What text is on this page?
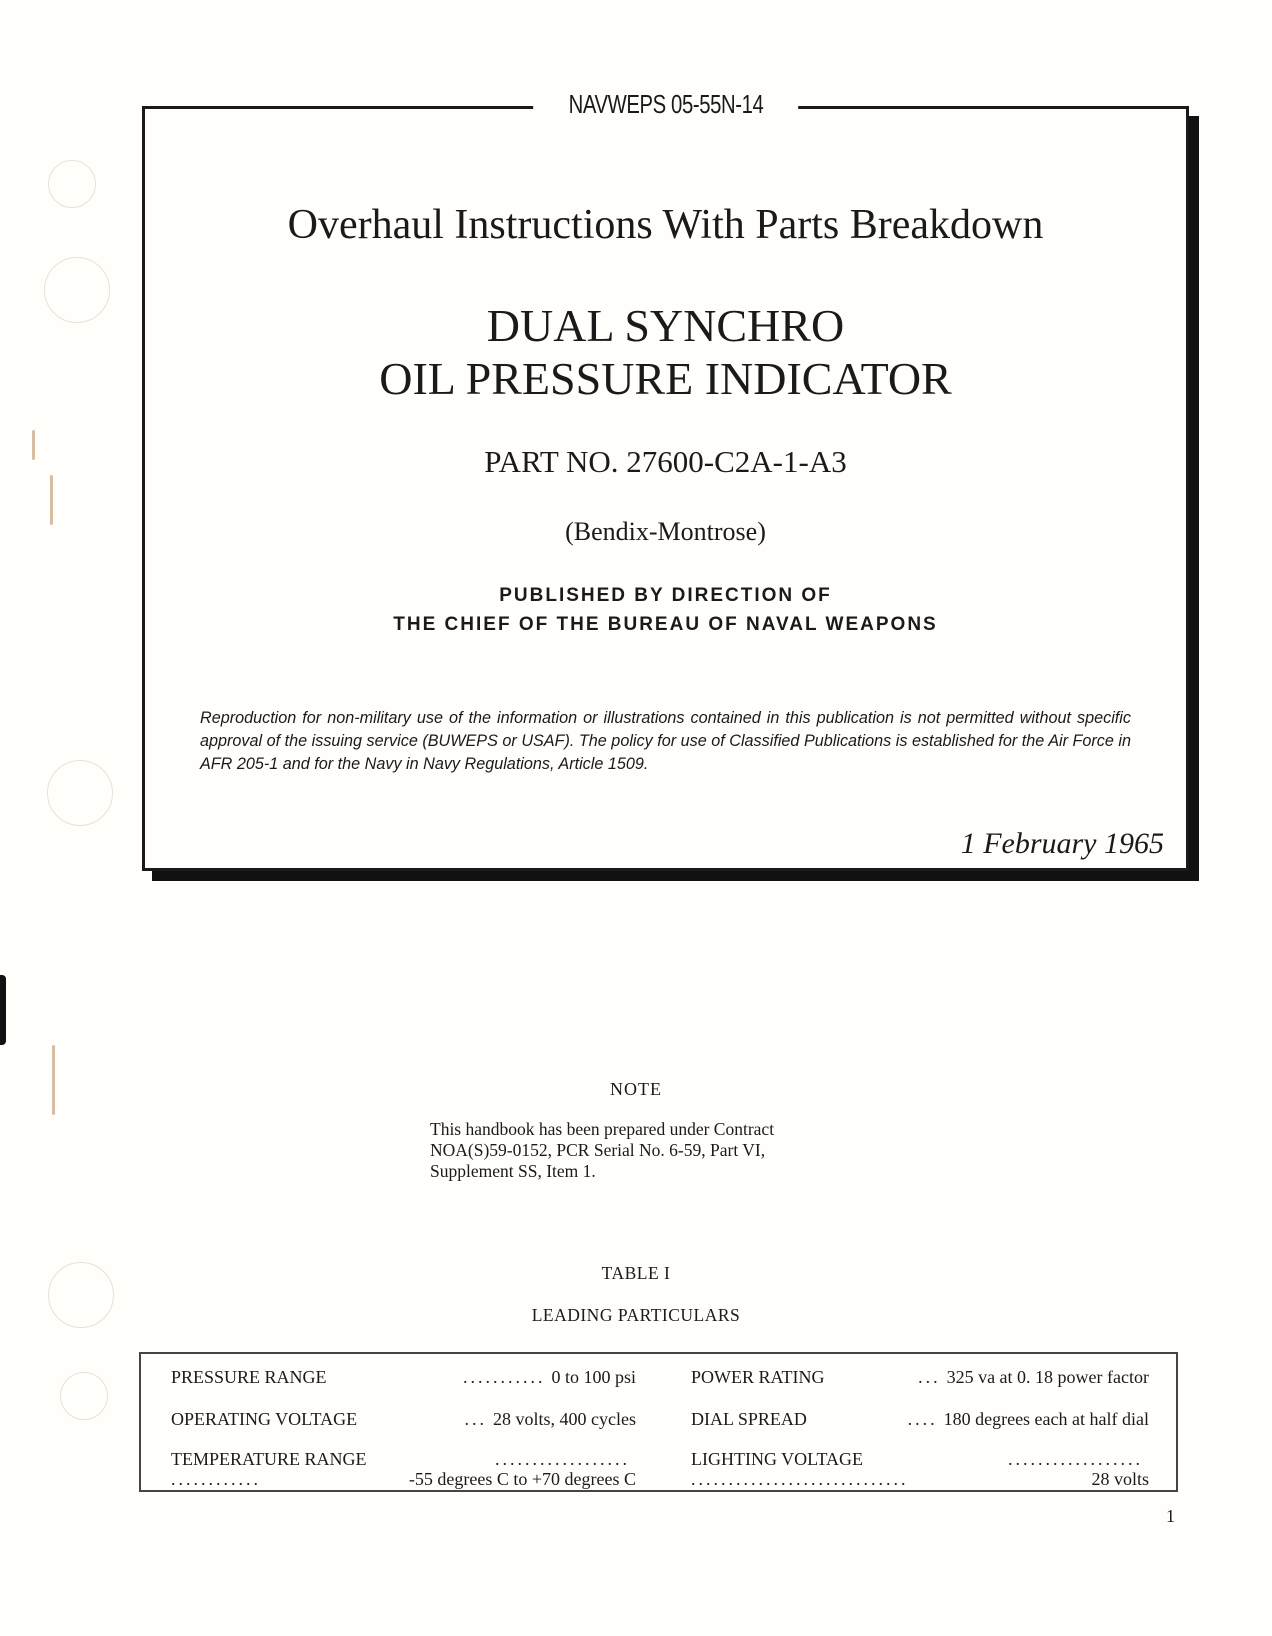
NAVWEPS 05-55N-14
Overhaul Instructions With Parts Breakdown
DUAL SYNCHRO
OIL PRESSURE INDICATOR
PART NO. 27600-C2A-1-A3
(Bendix-Montrose)
PUBLISHED BY DIRECTION OF
THE CHIEF OF THE BUREAU OF NAVAL WEAPONS
Reproduction for non-military use of the information or illustrations contained in this publication is not permitted without specific approval of the issuing service (BUWEPS or USAF). The policy for use of Classified Publications is established for the Air Force in AFR 205-1 and for the Navy in Navy Regulations, Article 1509.
1 February 1965
NOTE
This handbook has been prepared under Contract
NOA(S)59-0152, PCR Serial No. 6-59, Part VI,
Supplement SS, Item 1.
TABLE I
LEADING PARTICULARS
PRESSURE RANGE	........... 0 to 100 psi
OPERATING VOLTAGE	... 28 volts, 400 cycles
TEMPERATURE RANGE	..................
............	-55 degrees C to +70 degrees C
POWER RATING	... 325 va at 0. 18 power factor
DIAL SPREAD	.... 180 degrees each at half dial
LIGHTING VOLTAGE	..................
.............................	28 volts
1
